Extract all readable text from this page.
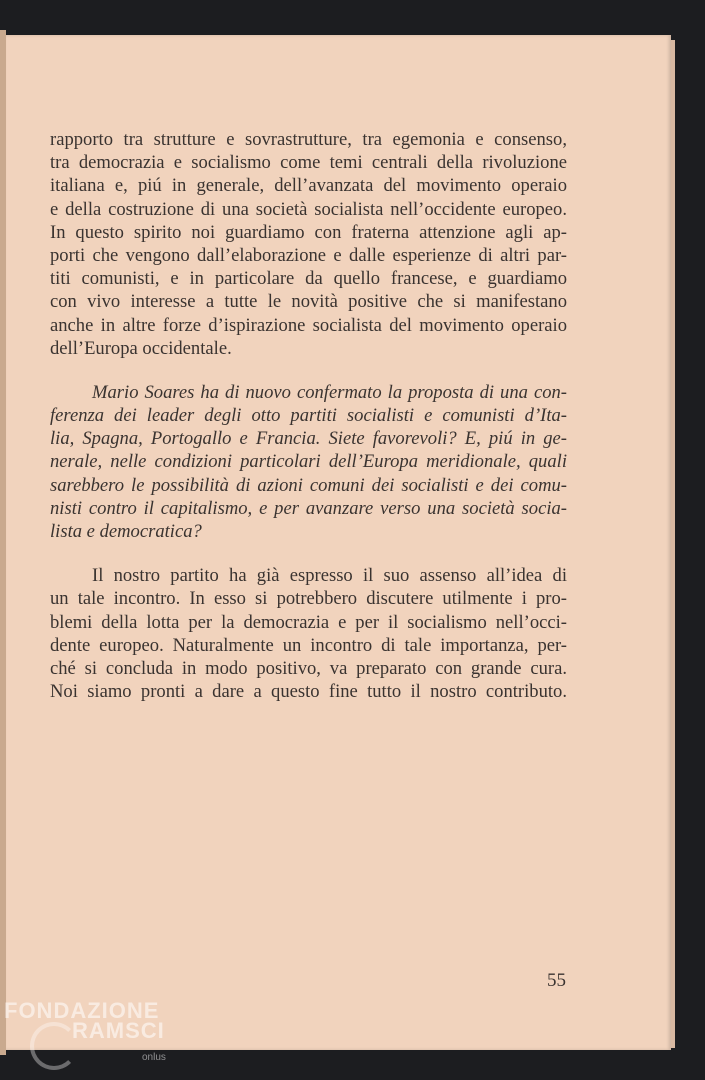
rapporto tra strutture e sovrastrutture, tra egemonia e consenso,
tra democrazia e socialismo come temi centrali della rivoluzione
italiana e, piú in generale, dell’avanzata del movimento operaio
e della costruzione di una società socialista nell’occidente europeo.
In questo spirito noi guardiamo con fraterna attenzione agli ap-
porti che vengono dall’elaborazione e dalle esperienze di altri par-
titi comunisti, e in particolare da quello francese, e guardiamo
con vivo interesse a tutte le novità positive che si manifestano
anche in altre forze d’ispirazione socialista del movimento operaio
dell’Europa occidentale.

Mario Soares ha di nuovo confermato la proposta di una con-
ferenza dei leader degli otto partiti socialisti e comunisti d’Ita-
lia, Spagna, Portogallo e Francia. Siete favorevoli? E, piú in ge-
nerale, nelle condizioni particolari dell’Europa meridionale, quali
sarebbero le possibilità di azioni comuni dei socialisti e dei comu-
nisti contro il capitalismo, e per avanzare verso una società socia-
lista e democratica?

Il nostro partito ha già espresso il suo assenso all’idea di
un tale incontro. In esso si potrebbero discutere utilmente i pro-
blemi della lotta per la democrazia e per il socialismo nell’occi-
dente europeo. Naturalmente un incontro di tale importanza, per-
ché si concluda in modo positivo, va preparato con grande cura.
Noi siamo pronti a dare a questo fine tutto il nostro contributo.

55
FONDAZIONE
RAMSCI
onlus
